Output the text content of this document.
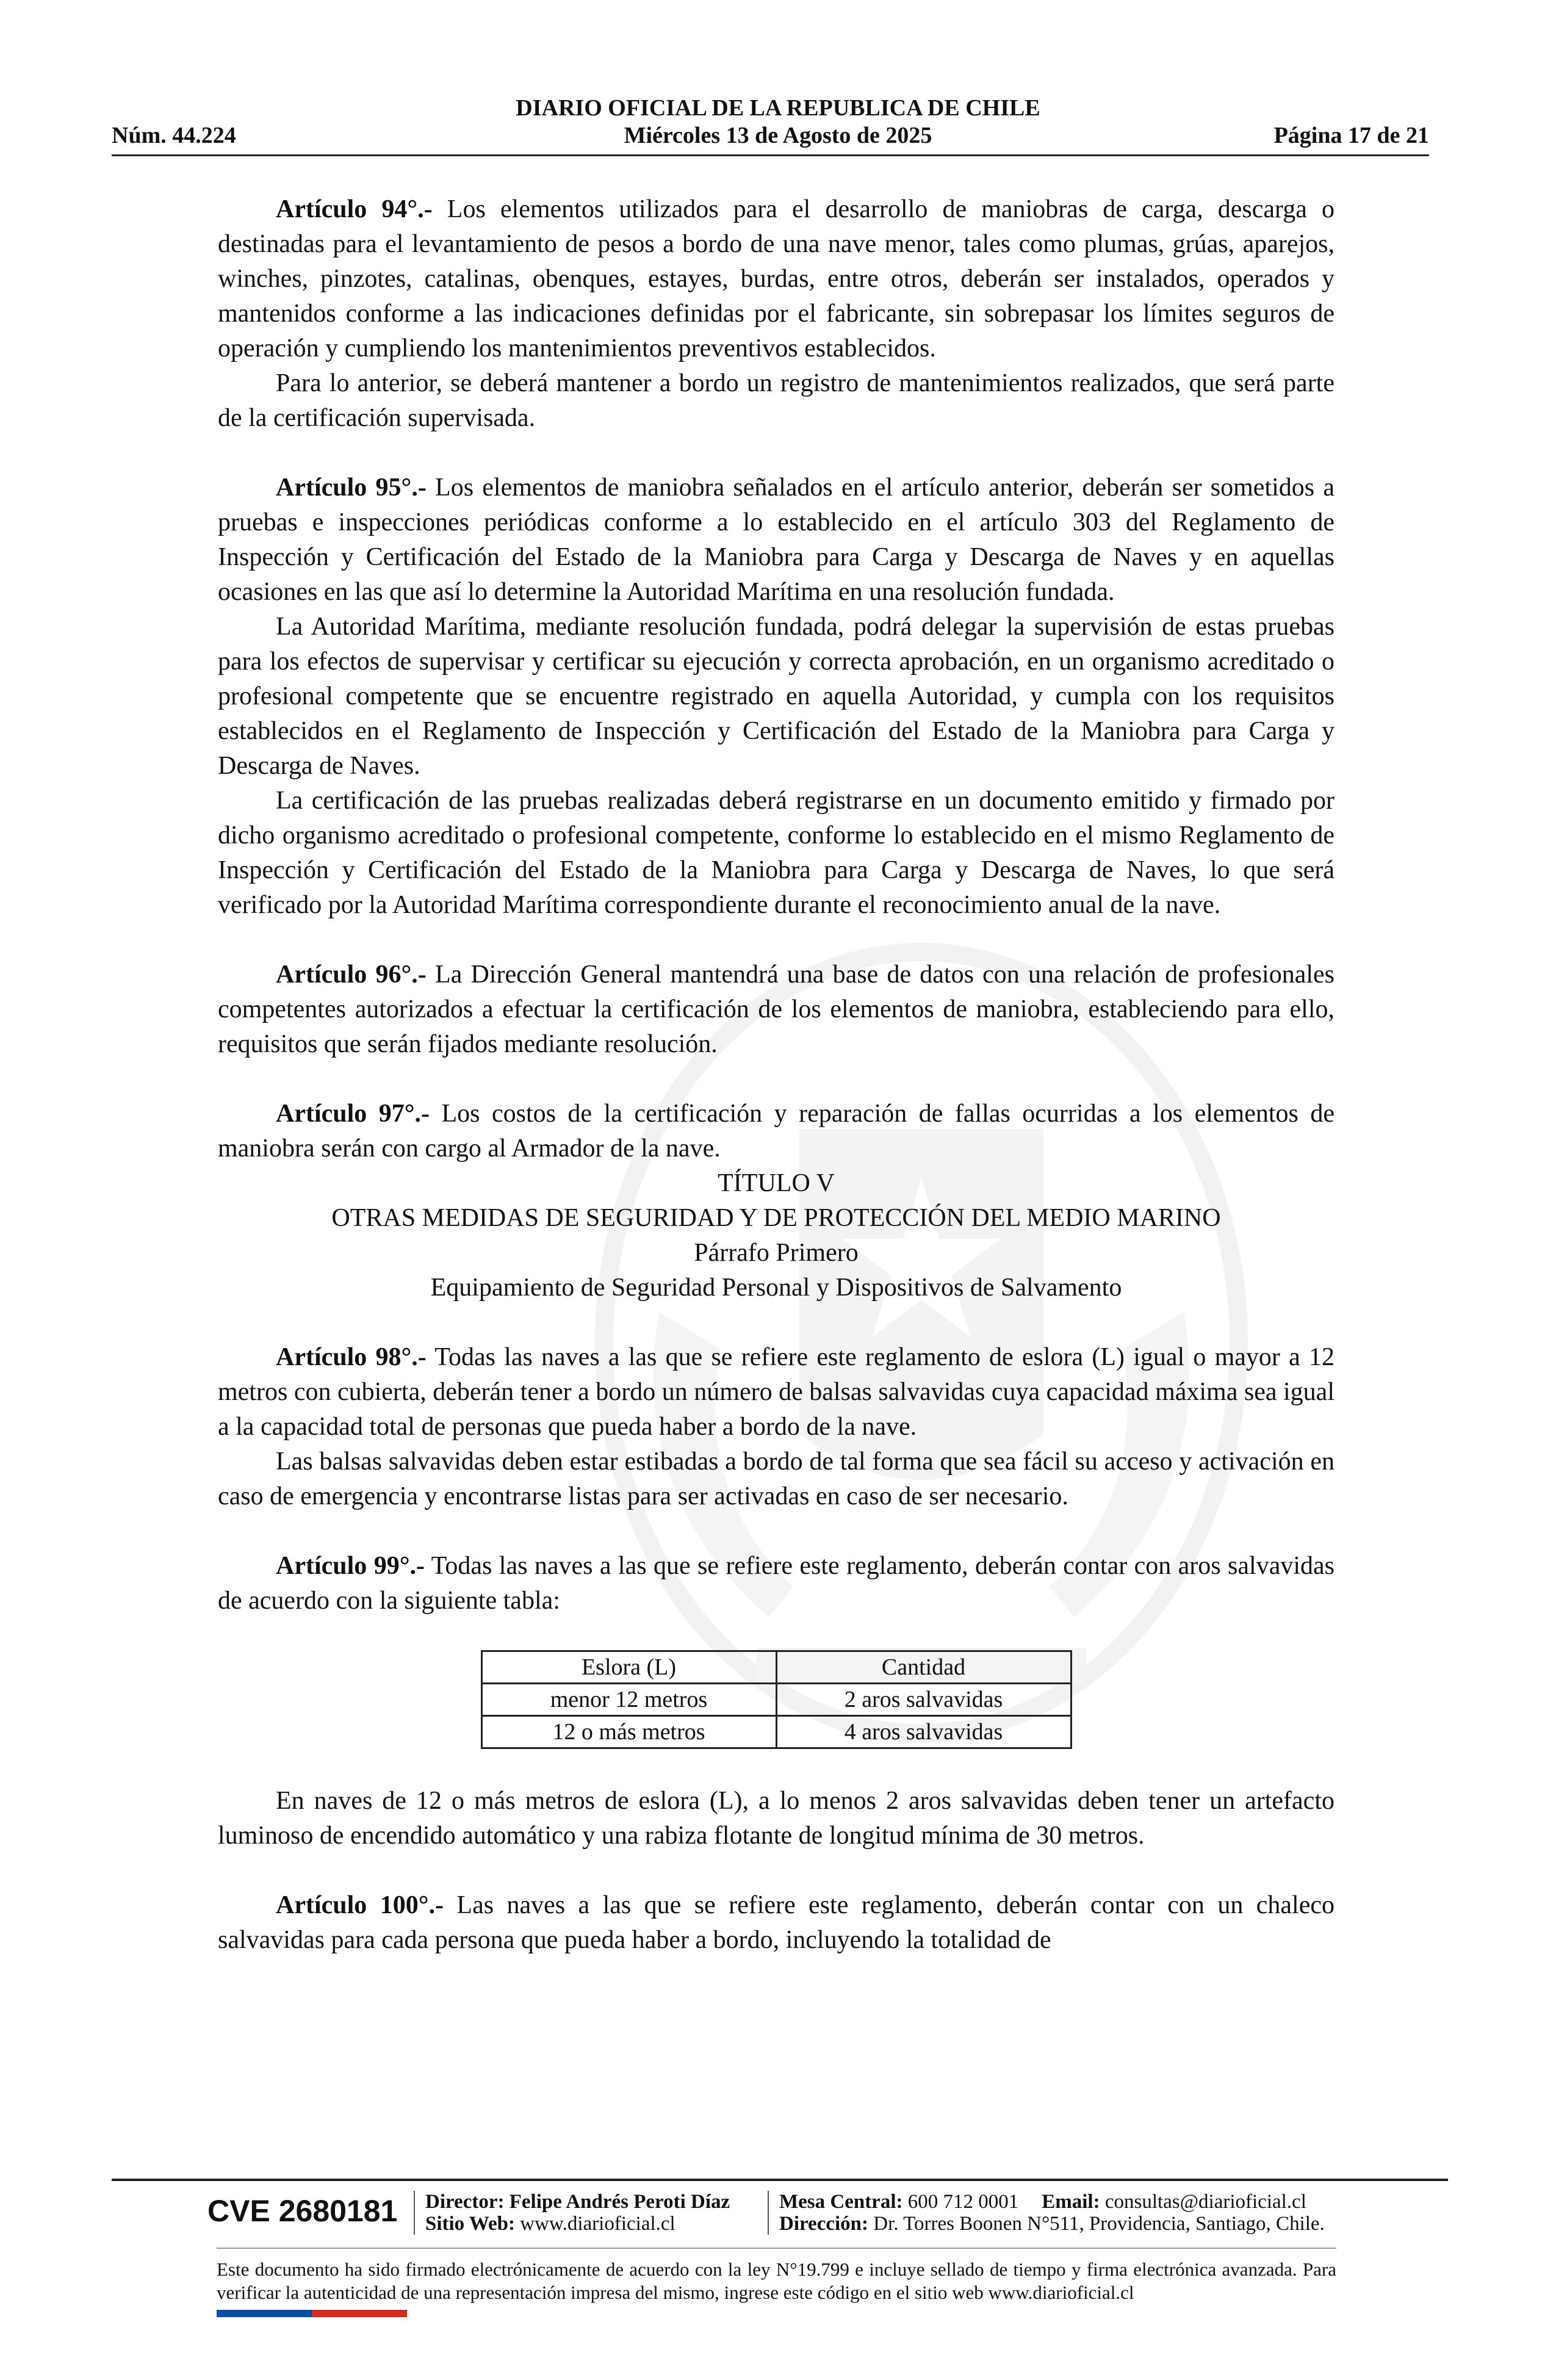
DIARIO OFICIAL DE LA REPUBLICA DE CHILE
Miércoles 13 de Agosto de 2025
Núm. 44.224	Página 17 de 21

Artículo 94°.- Los elementos utilizados para el desarrollo de maniobras de carga, descarga o destinadas para el levantamiento de pesos a bordo de una nave menor, tales como plumas, grúas, aparejos, winches, pinzotes, catalinas, obenques, estayes, burdas, entre otros, deberán ser instalados, operados y mantenidos conforme a las indicaciones definidas por el fabricante, sin sobrepasar los límites seguros de operación y cumpliendo los mantenimientos preventivos establecidos.

Para lo anterior, se deberá mantener a bordo un registro de mantenimientos realizados, que será parte de la certificación supervisada.

Artículo 95°.- Los elementos de maniobra señalados en el artículo anterior, deberán ser sometidos a pruebas e inspecciones periódicas conforme a lo establecido en el artículo 303 del Reglamento de Inspección y Certificación del Estado de la Maniobra para Carga y Descarga de Naves y en aquellas ocasiones en las que así lo determine la Autoridad Marítima en una resolución fundada.

La Autoridad Marítima, mediante resolución fundada, podrá delegar la supervisión de estas pruebas para los efectos de supervisar y certificar su ejecución y correcta aprobación, en un organismo acreditado o profesional competente que se encuentre registrado en aquella Autoridad, y cumpla con los requisitos establecidos en el Reglamento de Inspección y Certificación del Estado de la Maniobra para Carga y Descarga de Naves.

La certificación de las pruebas realizadas deberá registrarse en un documento emitido y firmado por dicho organismo acreditado o profesional competente, conforme lo establecido en el mismo Reglamento de Inspección y Certificación del Estado de la Maniobra para Carga y Descarga de Naves, lo que será verificado por la Autoridad Marítima correspondiente durante el reconocimiento anual de la nave.

Artículo 96°.- La Dirección General mantendrá una base de datos con una relación de profesionales competentes autorizados a efectuar la certificación de los elementos de maniobra, estableciendo para ello, requisitos que serán fijados mediante resolución.

Artículo 97°.- Los costos de la certificación y reparación de fallas ocurridas a los elementos de maniobra serán con cargo al Armador de la nave.

TÍTULO V

OTRAS MEDIDAS DE SEGURIDAD Y DE PROTECCIÓN DEL MEDIO MARINO

Párrafo Primero

Equipamiento de Seguridad Personal y Dispositivos de Salvamento

Artículo 98°.- Todas las naves a las que se refiere este reglamento de eslora (L) igual o mayor a 12 metros con cubierta, deberán tener a bordo un número de balsas salvavidas cuya capacidad máxima sea igual a la capacidad total de personas que pueda haber a bordo de la nave.

Las balsas salvavidas deben estar estibadas a bordo de tal forma que sea fácil su acceso y activación en caso de emergencia y encontrarse listas para ser activadas en caso de ser necesario.

Artículo 99°.- Todas las naves a las que se refiere este reglamento, deberán contar con aros salvavidas de acuerdo con la siguiente tabla:

Eslora (L)	Cantidad
menor 12 metros	2 aros salvavidas
12 o más metros	4 aros salvavidas

En naves de 12 o más metros de eslora (L), a lo menos 2 aros salvavidas deben tener un artefacto luminoso de encendido automático y una rabiza flotante de longitud mínima de 30 metros.

Artículo 100°.- Las naves a las que se refiere este reglamento, deberán contar con un chaleco salvavidas para cada persona que pueda haber a bordo, incluyendo la totalidad de

CVE 2680181 Director: Felipe Andrés Peroti Díaz
Sitio Web: www.diarioficial.cl
Mesa Central: 600 712 0001 Email: consultas@diarioficial.cl
Dirección: Dr. Torres Boonen N°511, Providencia, Santiago, Chile.
Este documento ha sido firmado electrónicamente de acuerdo con la ley N°19.799 e incluye sellado de tiempo y firma electrónica avanzada. Para verificar la autenticidad de una representación impresa del mismo, ingrese este código en el sitio web www.diarioficial.cl
